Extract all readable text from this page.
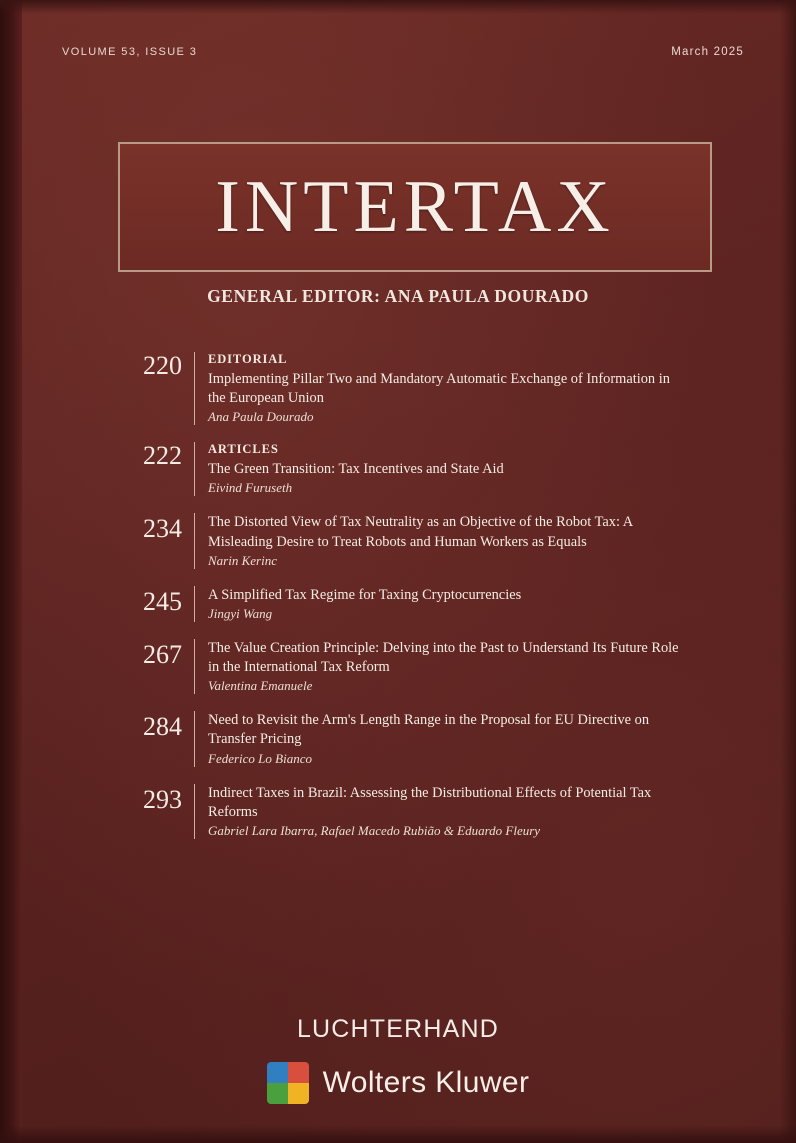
VOLUME 53, ISSUE 3	March 2025
INTERTAX
GENERAL EDITOR: ANA PAULA DOURADO
220	EDITORIAL
Implementing Pillar Two and Mandatory Automatic Exchange of Information in the European Union
Ana Paula Dourado
222	ARTICLES
The Green Transition: Tax Incentives and State Aid
Eivind Furuseth
234	The Distorted View of Tax Neutrality as an Objective of the Robot Tax: A Misleading Desire to Treat Robots and Human Workers as Equals
Narin Kerinc
245	A Simplified Tax Regime for Taxing Cryptocurrencies
Jingyi Wang
267	The Value Creation Principle: Delving into the Past to Understand Its Future Role in the International Tax Reform
Valentina Emanuele
284	Need to Revisit the Arm's Length Range in the Proposal for EU Directive on Transfer Pricing
Federico Lo Bianco
293	Indirect Taxes in Brazil: Assessing the Distributional Effects of Potential Tax Reforms
Gabriel Lara Ibarra, Rafael Macedo Rubião & Eduardo Fleury
LUCHTERHAND
Wolters Kluwer
